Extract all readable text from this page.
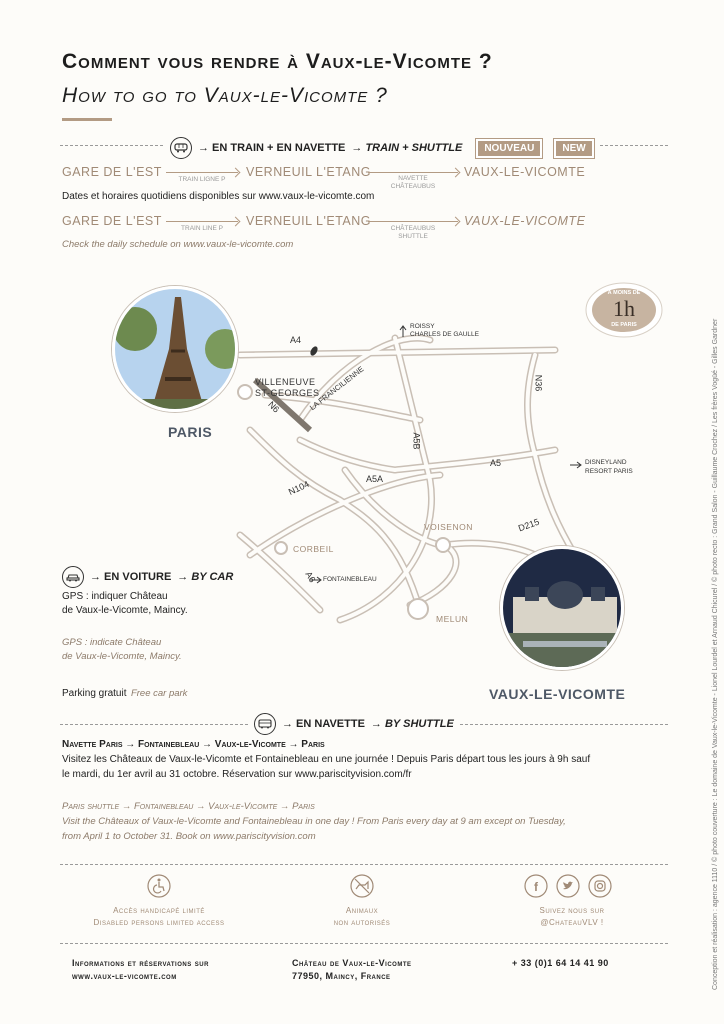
Comment vous rendre à Vaux-le-Vicomte ?
How to go to Vaux-le-Vicomte ?
→ EN TRAIN + EN NAVETTE → TRAIN + SHUTTLE	NOUVEAU	NEW
GARE DE L'EST
TRAIN LIGNE P
VERNEUIL L'ETANG	NAVETTE
CHÂTEAUBUS
VAUX-LE-VICOMTE
Dates et horaires quotidiens disponibles sur www.vaux-le-vicomte.com
GARE DE L'EST
TRAIN LINE P
VERNEUIL L'ETANG
CHÂTEAUBUS
SHUTTLE
VAUX-LE-VICOMTE
Check the daily schedule on www.vaux-le-vicomte.com
À MOINS DE
1h
DE PARIS
PARIS
VAUX-LE-VICOMTE
A4
VILLENEUVE
ST-GEORGES
N6
ROISSY
CHARLES DE GAULLE
LA FRANCILIENNE
A5B
N36
A5	DISNEYLAND
RESORT PARIS
N104	A5A
CORBEIL
VOISENON	D215
A6 FONTAINEBLEAU
MELUN
→ EN VOITURE → BY CAR
GPS : indiquer Château
de Vaux-le-Vicomte, Maincy.
GPS : indicate Château
de Vaux-le-Vicomte, Maincy.
Parking gratuit Free car park
→ EN NAVETTE → BY SHUTTLE
Navette Paris → Fontainebleau → Vaux-le-Vicomte → Paris
Visitez les Châteaux de Vaux-le-Vicomte et Fontainebleau en une journée ! Depuis Paris départ tous les jours à 9h sauf
le mardi, du 1er avril au 31 octobre. Réservation sur www.pariscityvision.com/fr
Paris shuttle → Fontainebleau → Vaux-le-Vicomte → Paris
Visit the Châteaux of Vaux-le-Vicomte and Fontainebleau in one day ! From Paris every day at 9 am except on Tuesday,
from April 1 to October 31. Book on www.pariscityvision.com
Accès handicapé limité
Disabled persons limited access
Animaux
non autorisés
f
Suivez nous sur
@ChateauVLV !
Informations et réservations sur
www.vaux-le-vicomte.com
Château de Vaux-le-Vicomte
77950, Maincy, France
+ 33 (0)1 64 14 41 90	Conception et réalisation : agence 1110 / © photo couverture : Le domaine de Vaux-le-Vicomte - Lionel Lourdel et Arnaud Chicurel / © photo recto : Grand Salon - Guillaume Crochez / Les frères Vogüé - Gilles Gardner
